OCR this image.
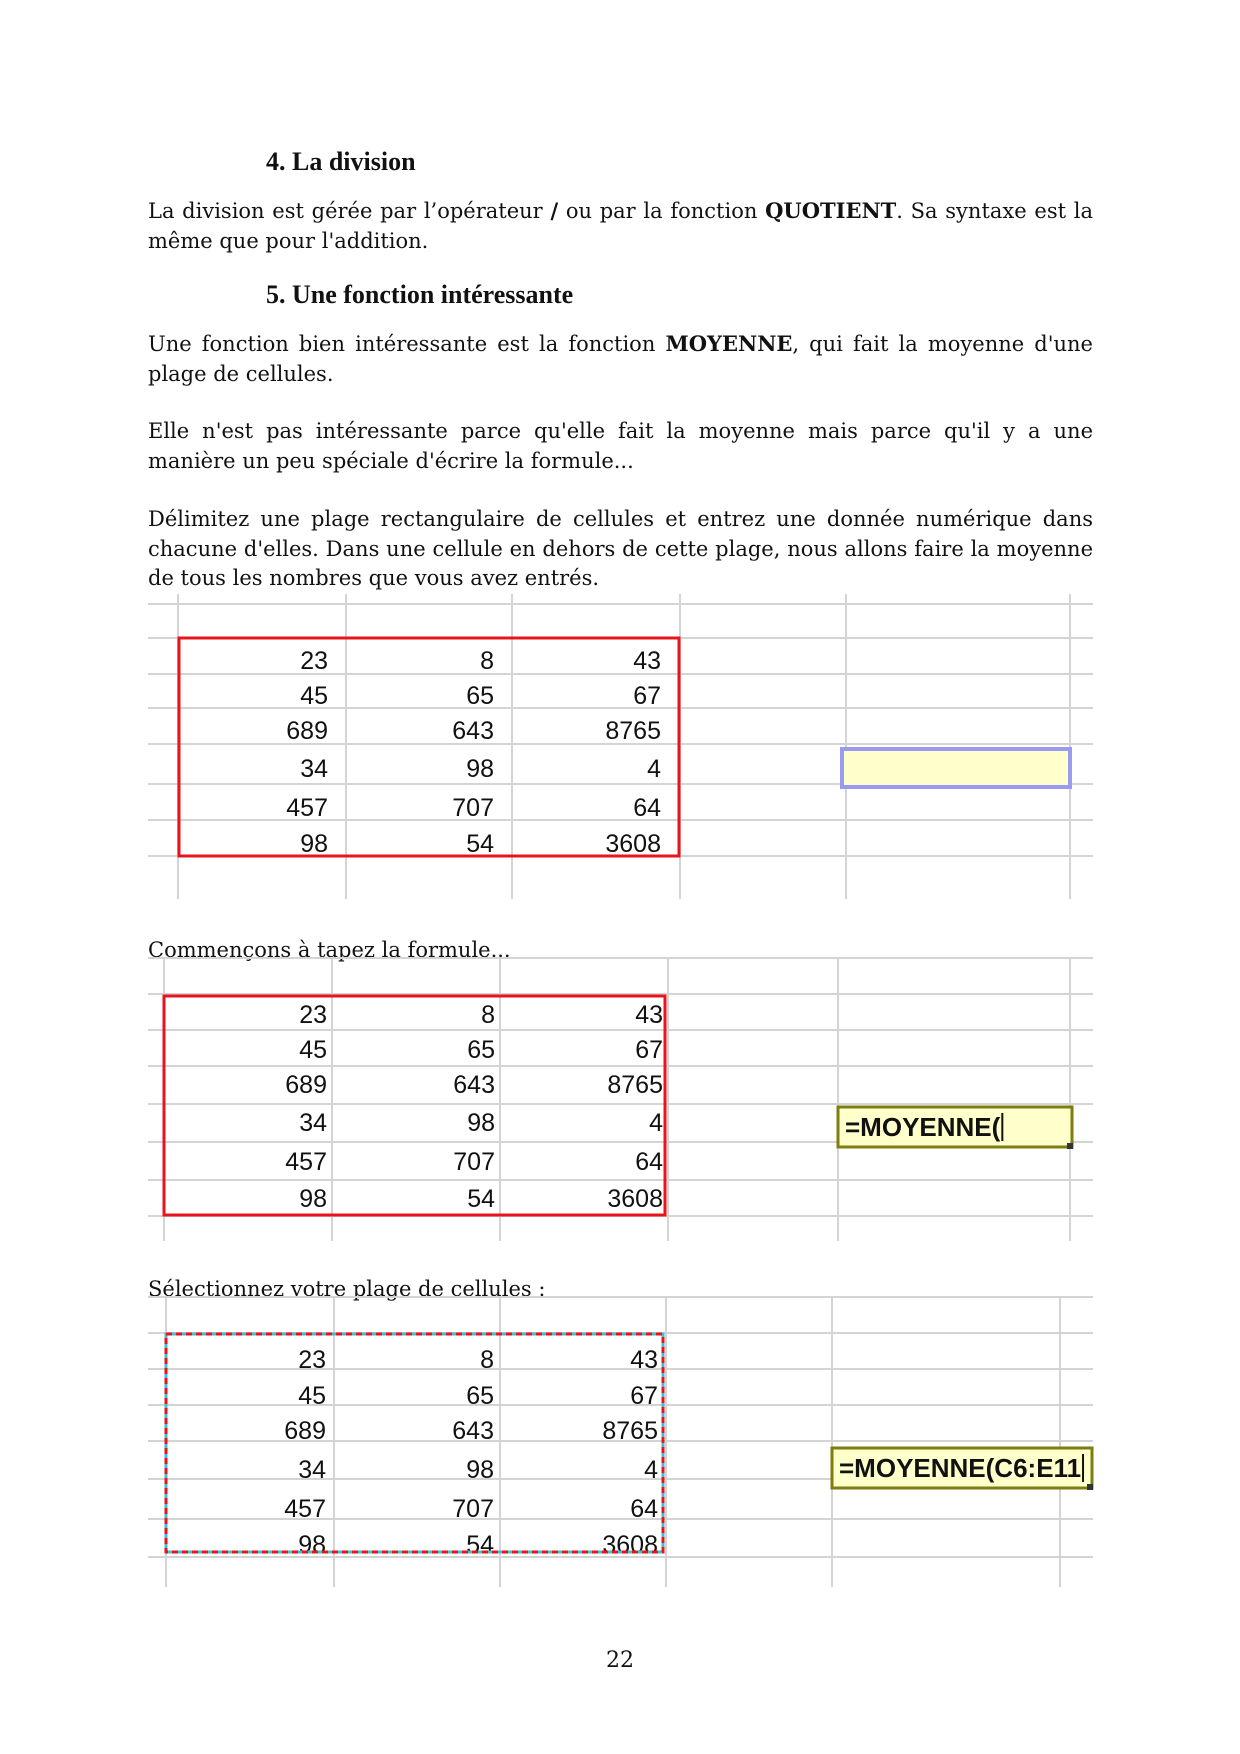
4. La division

La division est gérée par l’opérateur / ou par la fonction QUOTIENT. Sa syntaxe est la même que pour l'addition.

5. Une fonction intéressante

Une fonction bien intéressante est la fonction MOYENNE, qui fait la moyenne d'une plage de cellules.

Elle n'est pas intéressante parce qu'elle fait la moyenne mais parce qu'il y a une manière un peu spéciale d'écrire la formule...

Délimitez une plage rectangulaire de cellules et entrez une donnée numérique dans chacune d'elles. Dans une cellule en dehors de cette plage, nous allons faire la moyenne de tous les nombres que vous avez entrés.

23	8	43
45	65	67
689	643	8765
34	98	4
457	707	64
98	54	3608

Commençons à tapez la formule...

23	8	43
45	65	67
689	643	8765
34	98	4
457	707	64
98	54	3608
=MOYENNE(

Sélectionnez votre plage de cellules :

23	8	43
45	65	67
689	643	8765
34	98	4
457	707	64
98	54	3608
=MOYENNE(C6:E11

22
